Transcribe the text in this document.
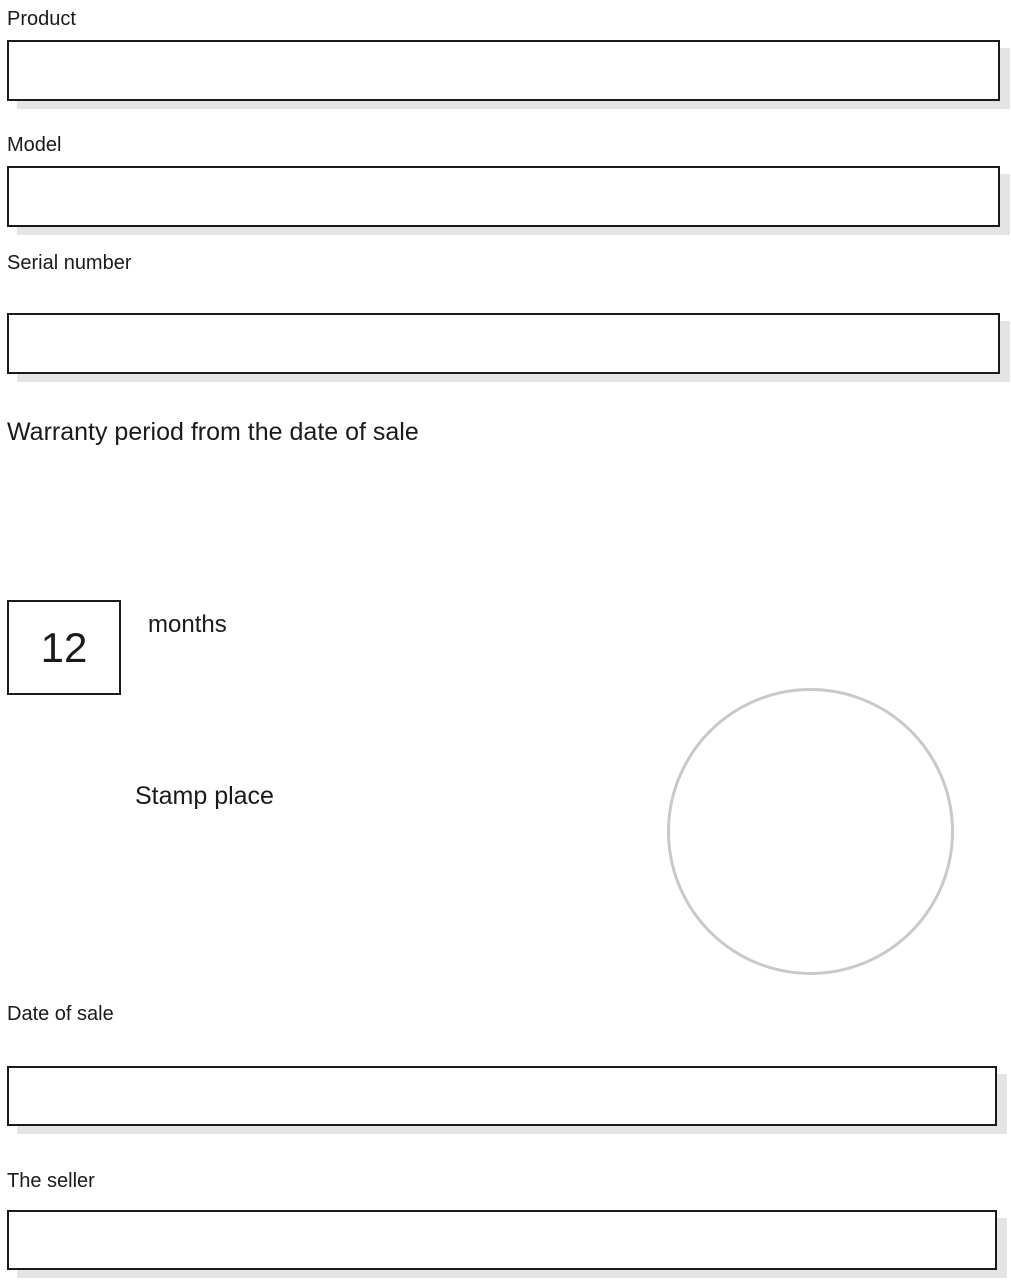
Product
Model
Serial number
Warranty period from the date of sale
12	months
Stamp place
Date of sale
The seller
